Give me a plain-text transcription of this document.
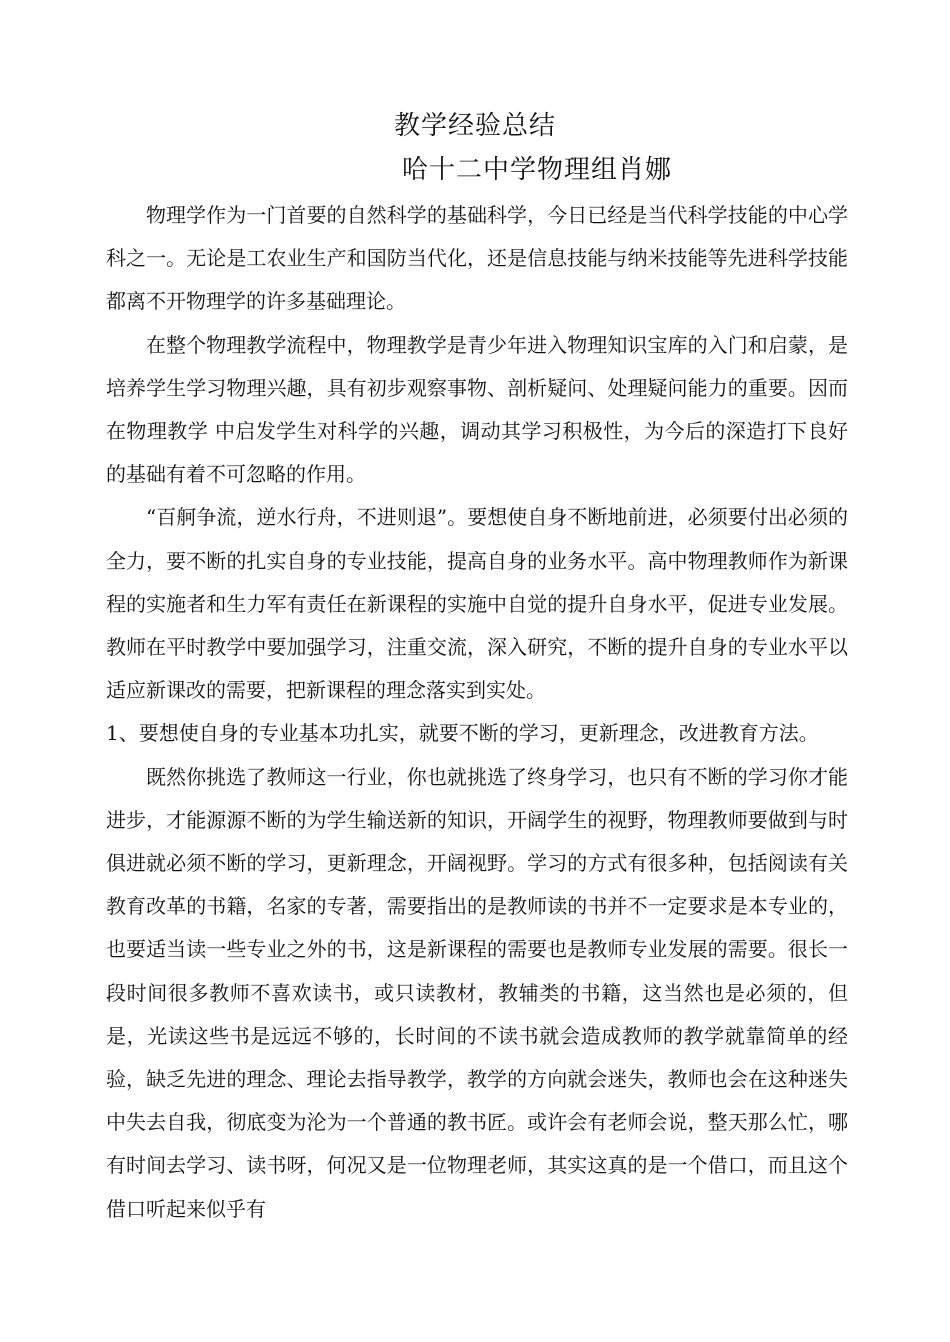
教学经验总结
哈十二中学物理组肖娜

物理学作为一门首要的自然科学的基础科学，今日已经是当代科学技能的中心学科之一。无论是工农业生产和国防当代化，还是信息技能与纳米技能等先进科学技能都离不开物理学的许多基础理论。

在整个物理教学流程中，物理教学是青少年进入物理知识宝库的入门和启蒙，是培养学生学习物理兴趣，具有初步观察事物、剖析疑问、处理疑问能力的重要。因而在物理教学 中启发学生对科学的兴趣，调动其学习积极性，为今后的深造打下良好的基础有着不可忽略的作用。

“百舸争流，逆水行舟，不进则退”。要想使自身不断地前进，必须要付出必须的全力，要不断的扎实自身的专业技能，提高自身的业务水平。高中物理教师作为新课程的实施者和生力军有责任在新课程的实施中自觉的提升自身水平，促进专业发展。教师在平时教学中要加强学习，注重交流，深入研究，不断的提升自身的专业水平以适应新课改的需要，把新课程的理念落实到实处。

1、要想使自身的专业基本功扎实，就要不断的学习，更新理念，改进教育方法。

既然你挑选了教师这一行业，你也就挑选了终身学习，也只有不断的学习你才能进步，才能源源不断的为学生输送新的知识，开阔学生的视野，物理教师要做到与时俱进就必须不断的学习，更新理念，开阔视野。学习的方式有很多种，包括阅读有关教育改革的书籍，名家的专著，需要指出的是教师读的书并不一定要求是本专业的，也要适当读一些专业之外的书，这是新课程的需要也是教师专业发展的需要。很长一段时间很多教师不喜欢读书，或只读教材，教辅类的书籍，这当然也是必须的，但是，光读这些书是远远不够的，长时间的不读书就会造成教师的教学就靠简单的经验，缺乏先进的理念、理论去指导教学，教学的方向就会迷失，教师也会在这种迷失中失去自我，彻底变为沦为一个普通的教书匠。或许会有老师会说，整天那么忙，哪有时间去学习、读书呀，何况又是一位物理老师，其实这真的是一个借口，而且这个借口听起来似乎有
